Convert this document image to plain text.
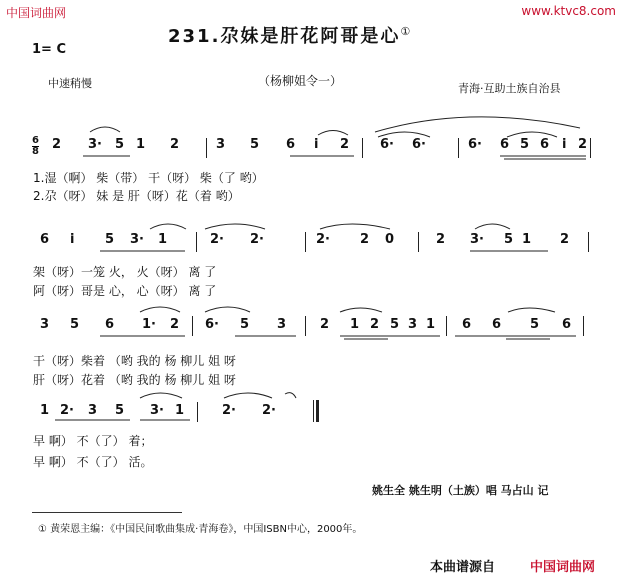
中国词曲网	www.ktvc8.com
231.尕妹是肝花阿哥是心①
1= C
中速稍慢	（杨柳姐令一）
青海·互助土族自治县
6
8 2 3· 5 1 2	3 5 6 i 2 6· 6·	6· 6 5 6 i 2
1.湿（啊） 柴（带） 干（呀） 柴（了 哟）
2.尕（呀） 妹 是 肝（呀）花（着 哟）
6 i 5 3· 1	2· 2·	2· 2 0	2 3· 5 1 2
架（呀）一笼 火， 火（呀） 离 了
阿（呀）哥是 心， 心（呀） 离 了
3 5 6 1· 2 6· 5 3	2 1 2 5 3 1 6 6 5 6
干（呀）柴着 （哟 我的 杨 柳儿 姐 呀
肝（呀）花着 （哟 我的 杨 柳儿 姐 呀
1 2· 3 5 3· 1	2· 2·
早 啊） 不（了） 着；
早 啊） 不（了） 活。
姚生全 姚生明（土族）唱 马占山 记
① 黄荣恩主编：《中国民间歌曲集成·青海卷》，中国ISBN中心，2000年。
本曲谱源自	中国词曲网
